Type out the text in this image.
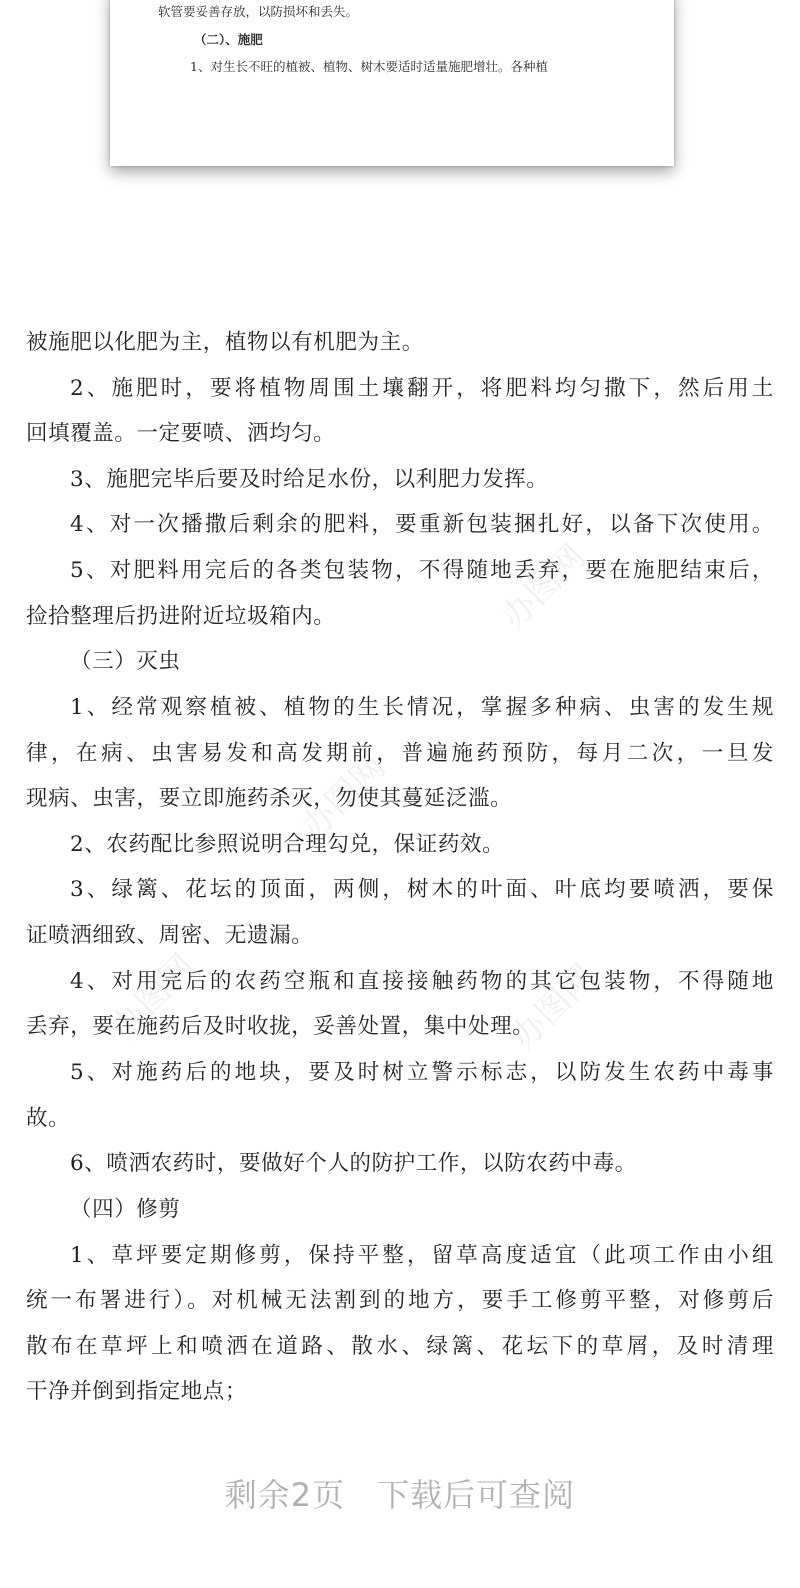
软管要妥善存放，以防损坏和丢失。
（二）、施肥
1、对生长不旺的植被、植物、树木要适时适量施肥增壮。各种植
办图网
办图网
办图网	办图网
被施肥以化肥为主，植物以有机肥为主。
2、施肥时，要将植物周围土壤翻开，将肥料均匀撒下，然后用土
回填覆盖。一定要喷、洒均匀。
3、施肥完毕后要及时给足水份，以利肥力发挥。
4、对一次播撒后剩余的肥料，要重新包装捆扎好，以备下次使用。
5、对肥料用完后的各类包装物，不得随地丢弃，要在施肥结束后，
捡拾整理后扔进附近垃圾箱内。
（三）灭虫
1、经常观察植被、植物的生长情况，掌握多种病、虫害的发生规
律，在病、虫害易发和高发期前，普遍施药预防，每月二次，一旦发
现病、虫害，要立即施药杀灭，勿使其蔓延泛滥。
2、农药配比参照说明合理勾兑，保证药效。
3、绿篱、花坛的顶面，两侧，树木的叶面、叶底均要喷洒，要保
证喷洒细致、周密、无遗漏。
4、对用完后的农药空瓶和直接接触药物的其它包装物，不得随地
丢弃，要在施药后及时收拢，妥善处置，集中处理。
5、对施药后的地块，要及时树立警示标志，以防发生农药中毒事
故。
6、喷洒农药时，要做好个人的防护工作，以防农药中毒。
（四）修剪
1、草坪要定期修剪，保持平整，留草高度适宜（此项工作由小组
统一布署进行）。对机械无法割到的地方，要手工修剪平整，对修剪后
散布在草坪上和喷洒在道路、散水、绿篱、花坛下的草屑，及时清理
干净并倒到指定地点；
剩余2页 下载后可查阅
